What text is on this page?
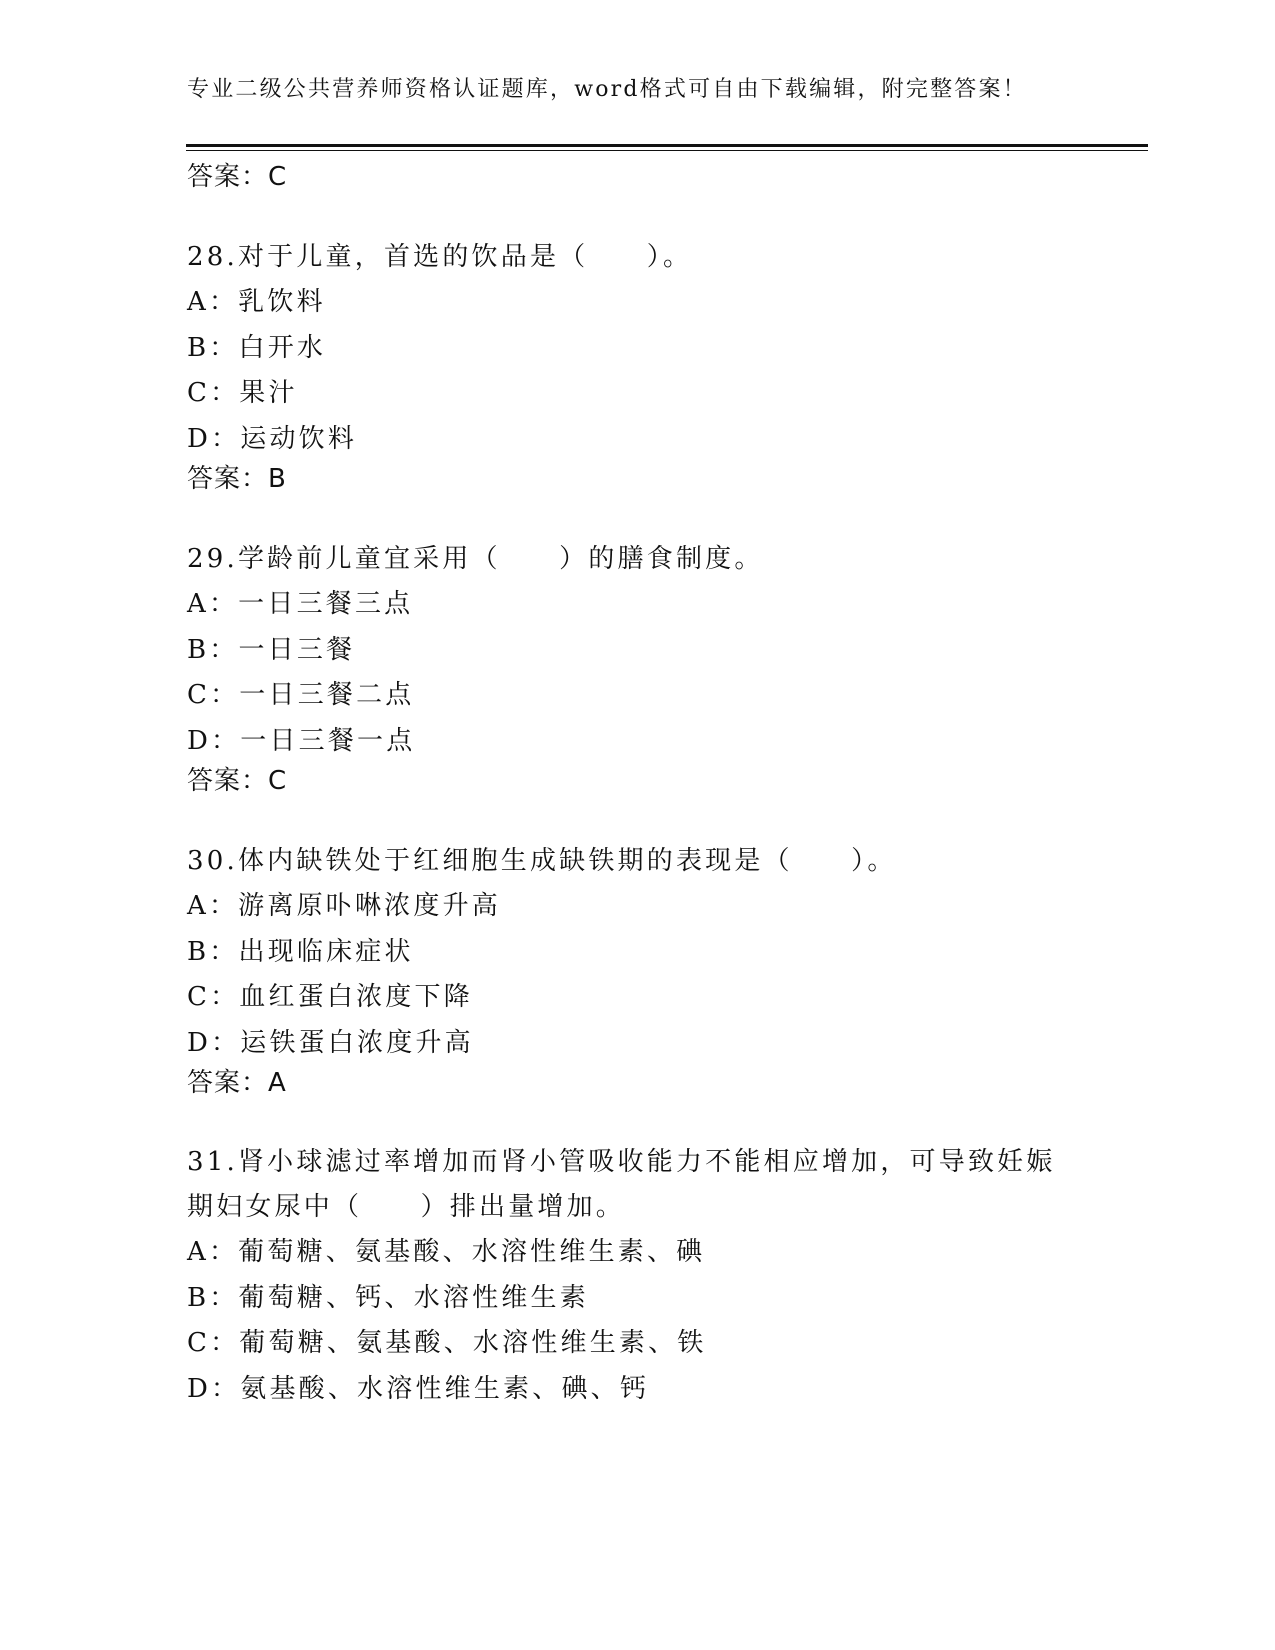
专业二级公共营养师资格认证题库，word格式可自由下载编辑，附完整答案！
答案：C
28.对于儿童，首选的饮品是（　　）。
A：乳饮料
B：白开水
C：果汁
D：运动饮料
答案：B
29.学龄前儿童宜采用（　　）的膳食制度。
A：一日三餐三点
B：一日三餐
C：一日三餐二点
D：一日三餐一点
答案：C
30.体内缺铁处于红细胞生成缺铁期的表现是（　　）。
A：游离原卟啉浓度升高
B：出现临床症状
C：血红蛋白浓度下降
D：运铁蛋白浓度升高
答案：A
31.肾小球滤过率增加而肾小管吸收能力不能相应增加，可导致妊娠期妇女尿中（　　）排出量增加。
A：葡萄糖、氨基酸、水溶性维生素、碘
B：葡萄糖、钙、水溶性维生素
C：葡萄糖、氨基酸、水溶性维生素、铁
D：氨基酸、水溶性维生素、碘、钙
